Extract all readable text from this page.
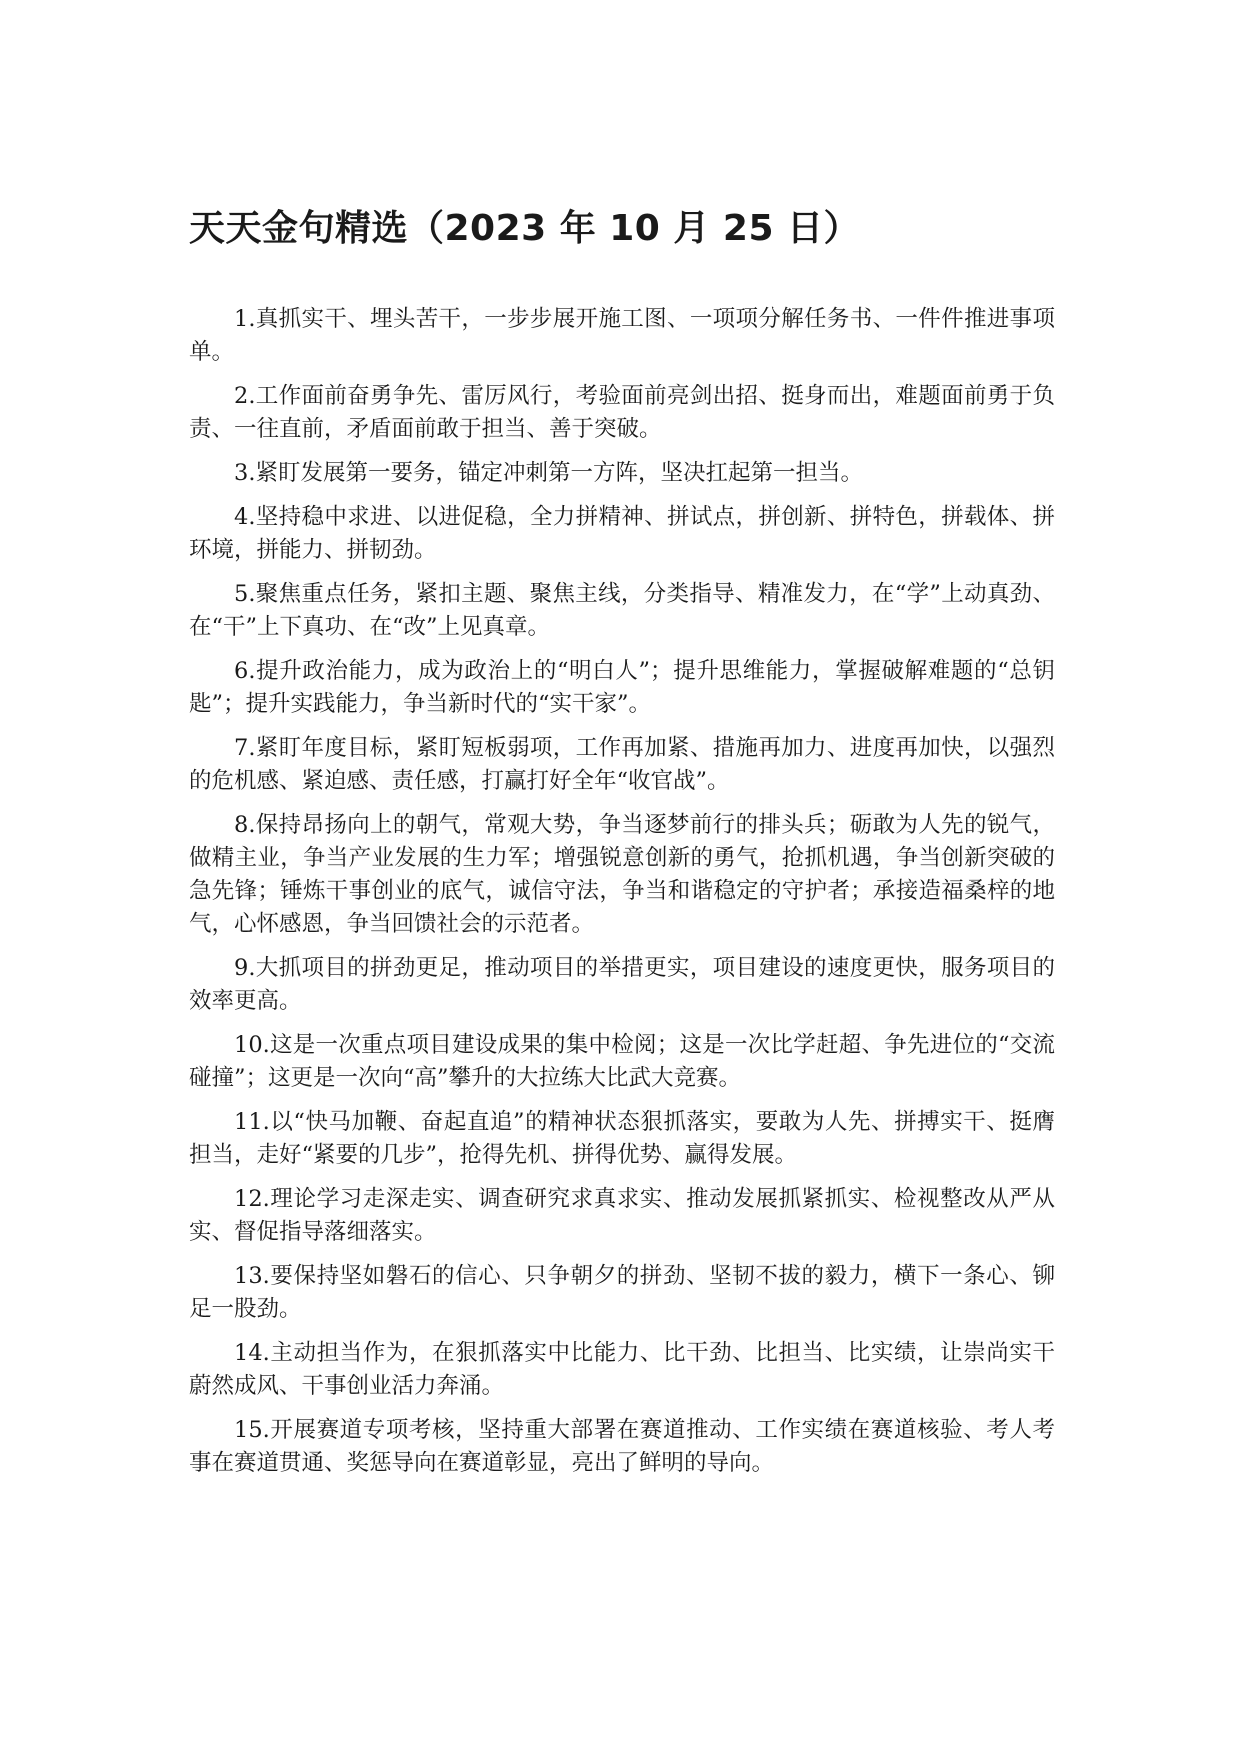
天天金句精选（2023 年 10 月 25 日）

1.真抓实干、埋头苦干，一步步展开施工图、一项项分解任务书、一件件推进事项单。

2.工作面前奋勇争先、雷厉风行，考验面前亮剑出招、挺身而出，难题面前勇于负责、一往直前，矛盾面前敢于担当、善于突破。

3.紧盯发展第一要务，锚定冲刺第一方阵，坚决扛起第一担当。

4.坚持稳中求进、以进促稳，全力拼精神、拼试点，拼创新、拼特色，拼载体、拼环境，拼能力、拼韧劲。

5.聚焦重点任务，紧扣主题、聚焦主线，分类指导、精准发力，在“学”上动真劲、在“干”上下真功、在“改”上见真章。

6.提升政治能力，成为政治上的“明白人”；提升思维能力，掌握破解难题的“总钥匙”；提升实践能力，争当新时代的“实干家”。

7.紧盯年度目标，紧盯短板弱项，工作再加紧、措施再加力、进度再加快，以强烈的危机感、紧迫感、责任感，打赢打好全年“收官战”。

8.保持昂扬向上的朝气，常观大势，争当逐梦前行的排头兵；砺敢为人先的锐气，做精主业，争当产业发展的生力军；增强锐意创新的勇气，抢抓机遇，争当创新突破的急先锋；锤炼干事创业的底气，诚信守法，争当和谐稳定的守护者；承接造福桑梓的地气，心怀感恩，争当回馈社会的示范者。

9.大抓项目的拼劲更足，推动项目的举措更实，项目建设的速度更快，服务项目的效率更高。

10.这是一次重点项目建设成果的集中检阅；这是一次比学赶超、争先进位的“交流碰撞”；这更是一次向“高”攀升的大拉练大比武大竞赛。

11.以“快马加鞭、奋起直追”的精神状态狠抓落实，要敢为人先、拼搏实干、挺膺担当，走好“紧要的几步”，抢得先机、拼得优势、赢得发展。

12.理论学习走深走实、调查研究求真求实、推动发展抓紧抓实、检视整改从严从实、督促指导落细落实。

13.要保持坚如磐石的信心、只争朝夕的拼劲、坚韧不拔的毅力，横下一条心、铆足一股劲。

14.主动担当作为，在狠抓落实中比能力、比干劲、比担当、比实绩，让崇尚实干蔚然成风、干事创业活力奔涌。

15.开展赛道专项考核，坚持重大部署在赛道推动、工作实绩在赛道核验、考人考事在赛道贯通、奖惩导向在赛道彰显，亮出了鲜明的导向。
